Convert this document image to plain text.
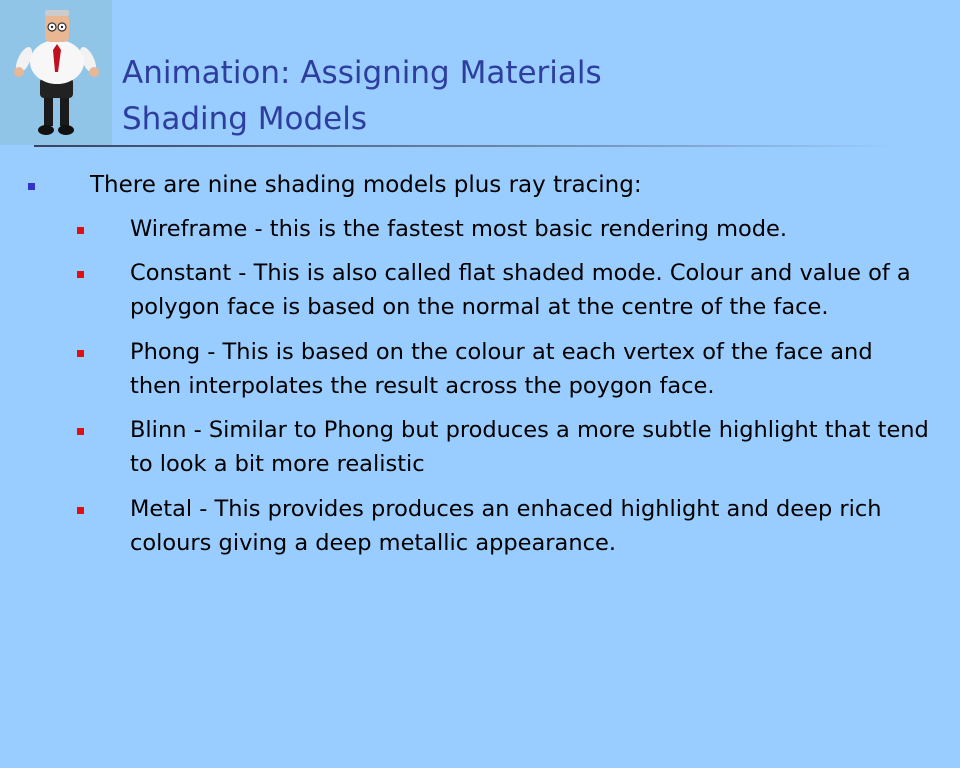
Animation: Assigning Materials
Shading Models
There are nine shading models plus ray tracing:
Wireframe - this is the fastest most basic rendering mode.
Constant - This is also called flat shaded mode. Colour and value of a polygon face is based on the normal at the centre of the face.
Phong - This is based on the colour at each vertex of the face and then interpolates the result across the poygon face.
Blinn - Similar to Phong but produces a more subtle highlight that tend to look a bit more realistic
Metal - This provides produces an enhaced highlight and deep rich colours giving a deep metallic appearance.
